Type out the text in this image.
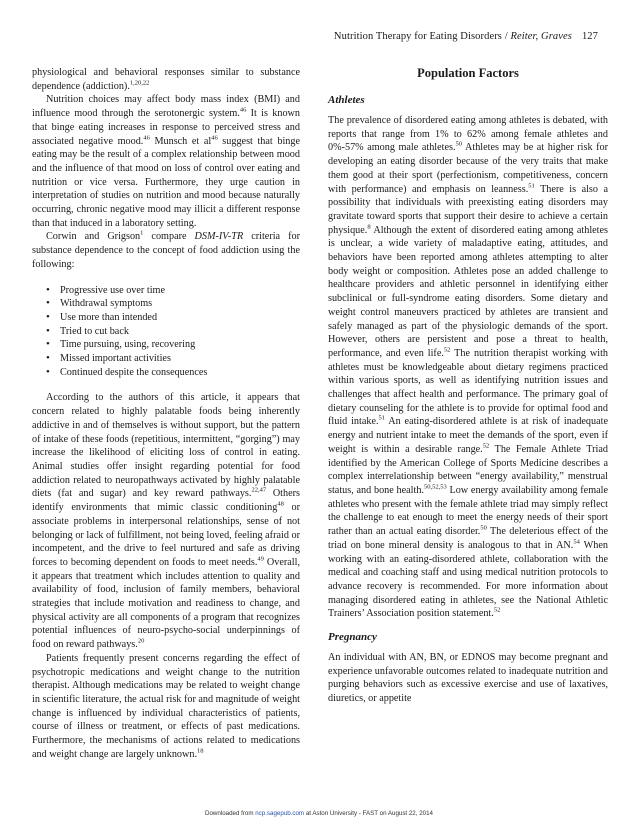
Nutrition Therapy for Eating Disorders / Reiter, Graves 127

physiological and behavioral responses similar to substance dependence (addiction).$^{1,20,22}$

Nutrition choices may affect body mass index (BMI) and influence mood through the serotonergic system.$^{46}$ It is known that binge eating increases in response to perceived stress and associated negative mood.$^{46}$ Munsch et $al^{46}$ suggest that binge eating may be the result of a complex relationship between mood and the influence of that mood on loss of control over eating and nutrition or vice versa. Furthermore, they urge caution in interpretation of studies on nutrition and mood because naturally occurring, chronic negative mood may illicit a different response than that induced in a laboratory setting.

Corwin and Grigson$^1$ compare DSM-IV-TR criteria for substance dependence to the concept of food addiction using the following:

• Progressive use over time
• Withdrawal symptoms
• Use more than intended
• Tried to cut back
• Time pursuing, using, recovering
• Missed important activities
• Continued despite the consequences

According to the authors of this article, it appears that concern related to highly palatable foods being inherently addictive in and of themselves is without support, but the pattern of intake of these foods (repetitious, intermittent, “gorging”) may increase the likelihood of eliciting loss of control in eating. Animal studies offer insight regarding potential for food addiction related to neuropathways activated by highly palatable diets (fat and sugar) and key reward pathways.$^{22,47}$ Others identify environments that mimic classic conditioning$^{48}$ or associate problems in interpersonal relationships, sense of not belonging or lack of fulfillment, not being loved, feeling afraid or incompetent, and the drive to feel nurtured and safe as driving forces to becoming dependent on foods to meet needs.$^{49}$ Overall, it appears that treatment which includes attention to quality and availability of food, inclusion of family members, behavioral strategies that include motivation and readiness to change, and physical activity are all components of a program that recognizes potential influences of neuro-psycho-social underpinnings of food on reward pathways.$^{20}$

Patients frequently present concerns regarding the effect of psychotropic medications and weight change to the nutrition therapist. Although medications may be related to weight change in scientific literature, the actual risk for and magnitude of weight change is influenced by individual characteristics of patients, course of illness or treatment, or effects of past medications. Furthermore, the mechanisms of actions related to medications and weight change are largely unknown.$^{18}$

Population Factors
Athletes

The prevalence of disordered eating among athletes is debated, with reports that range from 1% to 62% among female athletes and 0%-57% among male athletes.$^{50}$ Athletes may be at higher risk for developing an eating disorder because of the very traits that make them good at their sport (perfectionism, competitiveness, concern with performance) and emphasis on leanness.$^{51}$ There is also a possibility that individuals with preexisting eating disorders may gravitate toward sports that support their desire to achieve a certain physique.$^8$ Although the extent of disordered eating among athletes is unclear, a wide variety of maladaptive eating, attitudes, and behaviors have been reported among athletes attempting to alter body weight or composition. Athletes pose an added challenge to healthcare providers and athletic personnel in identifying either subclinical or full-syndrome eating disorders. Some dietary and weight control maneuvers practiced by athletes are transient and safely managed as part of the physiologic demands of the sport. However, others are persistent and pose a threat to health, performance, and even life.$^{52}$ The nutrition therapist working with athletes must be knowledgeable about dietary regimens practiced within various sports, as well as identifying nutrition issues and challenges that affect health and performance. The primary goal of dietary counseling for the athlete is to provide for optimal food and fluid intake.$^{51}$ An eating-disordered athlete is at risk of inadequate energy and nutrient intake to meet the demands of the sport, even if weight is within a desirable range.$^{52}$ The Female Athlete Triad identified by the American College of Sports Medicine describes a complex interrelationship between “energy availability,” menstrual status, and bone health.$^{50,52,53}$ Low energy availability among female athletes who present with the female athlete triad may simply reflect the challenge to eat enough to meet the energy needs of their sport rather than an actual eating disorder.$^{50}$ The deleterious effect of the triad on bone mineral density is analogous to that in AN.$^{54}$ When working with an eating-disordered athlete, collaboration with the medical and coaching staff and using medical nutrition protocols to advance recovery is recommended. For more information about managing disordered eating in athletes, see the National Athletic Trainers’ Association position statement.$^{52}$

Pregnancy

An individual with AN, BN, or EDNOS may become pregnant and experience unfavorable outcomes related to inadequate nutrition and purging behaviors such as excessive exercise and use of laxatives, diuretics, or appetite

Downloaded from ncp.sagepub.com at Aston University - FAST on August 22, 2014
